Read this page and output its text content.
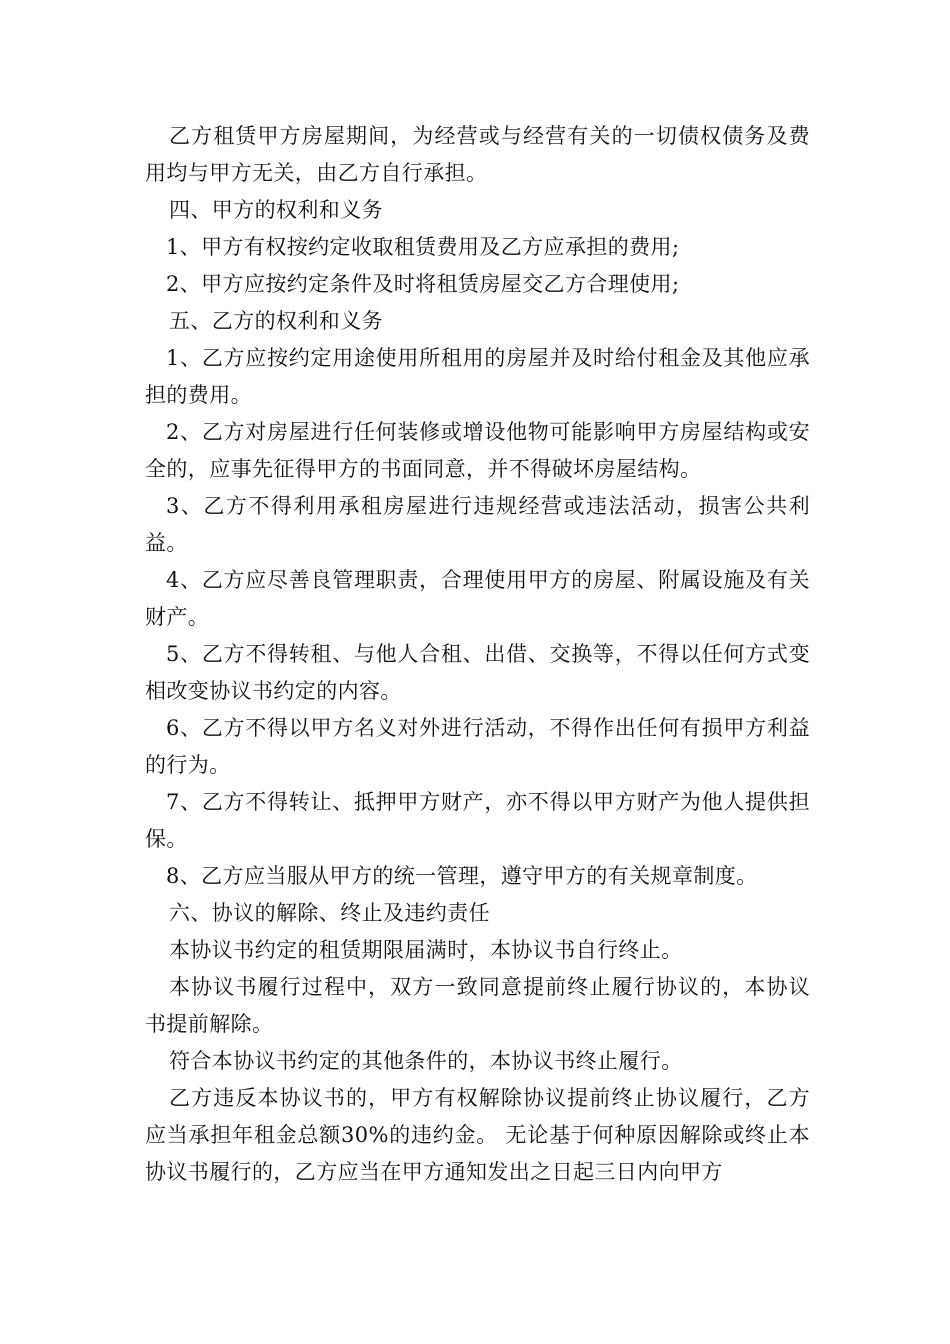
乙方租赁甲方房屋期间，为经营或与经营有关的一切债权债务及费用均与甲方无关，由乙方自行承担。

四、甲方的权利和义务

1、甲方有权按约定收取租赁费用及乙方应承担的费用;

2、甲方应按约定条件及时将租赁房屋交乙方合理使用;

五、乙方的权利和义务

1、乙方应按约定用途使用所租用的房屋并及时给付租金及其他应承担的费用。

2、乙方对房屋进行任何装修或增设他物可能影响甲方房屋结构或安全的，应事先征得甲方的书面同意，并不得破坏房屋结构。

3、乙方不得利用承租房屋进行违规经营或违法活动，损害公共利益。

4、乙方应尽善良管理职责，合理使用甲方的房屋、附属设施及有关财产。

5、乙方不得转租、与他人合租、出借、交换等，不得以任何方式变相改变协议书约定的内容。

6、乙方不得以甲方名义对外进行活动，不得作出任何有损甲方利益的行为。

7、乙方不得转让、抵押甲方财产，亦不得以甲方财产为他人提供担保。

8、乙方应当服从甲方的统一管理，遵守甲方的有关规章制度。

六、协议的解除、终止及违约责任

本协议书约定的租赁期限届满时，本协议书自行终止。

本协议书履行过程中，双方一致同意提前终止履行协议的，本协议书提前解除。

符合本协议书约定的其他条件的，本协议书终止履行。

乙方违反本协议书的，甲方有权解除协议提前终止协议履行，乙方应当承担年租金总额30%的违约金。 无论基于何种原因解除或终止本协议书履行的，乙方应当在甲方通知发出之日起三日内向甲方
